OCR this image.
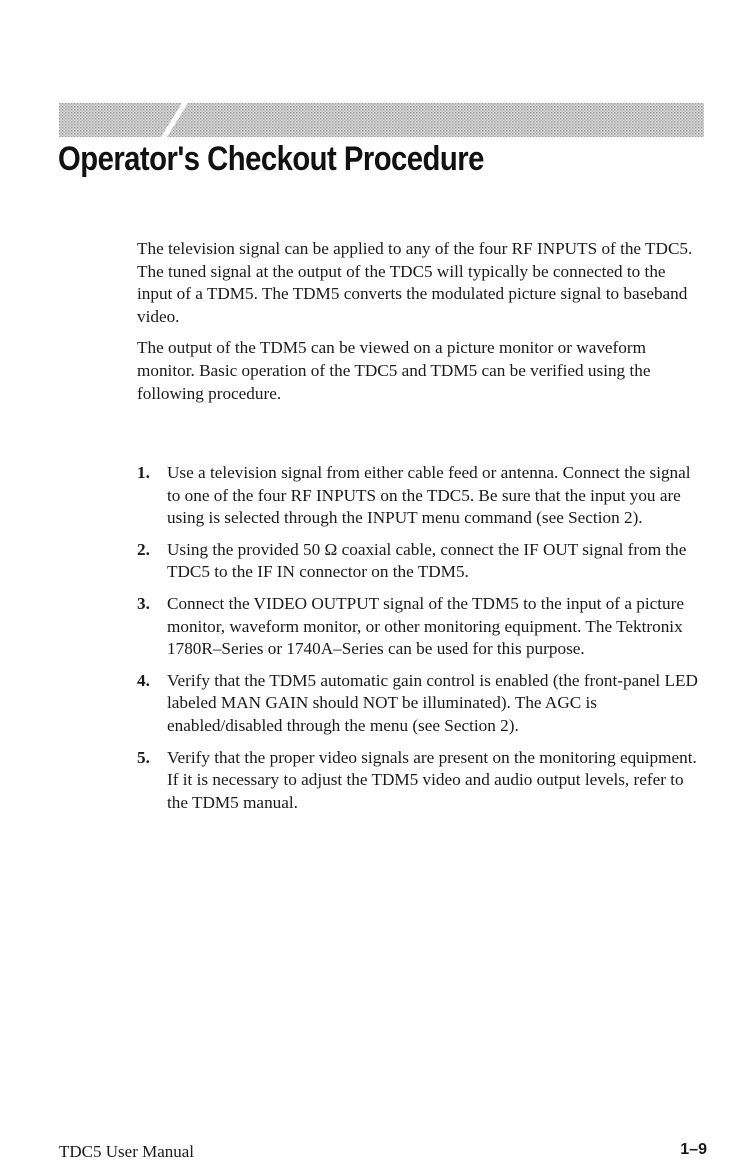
Operator's Checkout Procedure

The television signal can be applied to any of the four RF INPUTS of the TDC5. The tuned signal at the output of the TDC5 will typically be connected to the input of a TDM5. The TDM5 converts the modulated picture signal to baseband video.

The output of the TDM5 can be viewed on a picture monitor or waveform monitor. Basic operation of the TDC5 and TDM5 can be verified using the following procedure.

1. Use a television signal from either cable feed or antenna. Connect the signal to one of the four RF INPUTS on the TDC5. Be sure that the input you are using is selected through the INPUT menu command (see Section 2).
2. Using the provided 50 Ω coaxial cable, connect the IF OUT signal from the TDC5 to the IF IN connector on the TDM5.
3. Connect the VIDEO OUTPUT signal of the TDM5 to the input of a picture monitor, waveform monitor, or other monitoring equipment. The Tektronix 1780R–Series or 1740A–Series can be used for this purpose.
4. Verify that the TDM5 automatic gain control is enabled (the front-panel LED labeled MAN GAIN should NOT be illuminated). The AGC is enabled/disabled through the menu (see Section 2).
5. Verify that the proper video signals are present on the monitoring equipment. If it is necessary to adjust the TDM5 video and audio output levels, refer to the TDM5 manual.
TDC5 User Manual	1–9
